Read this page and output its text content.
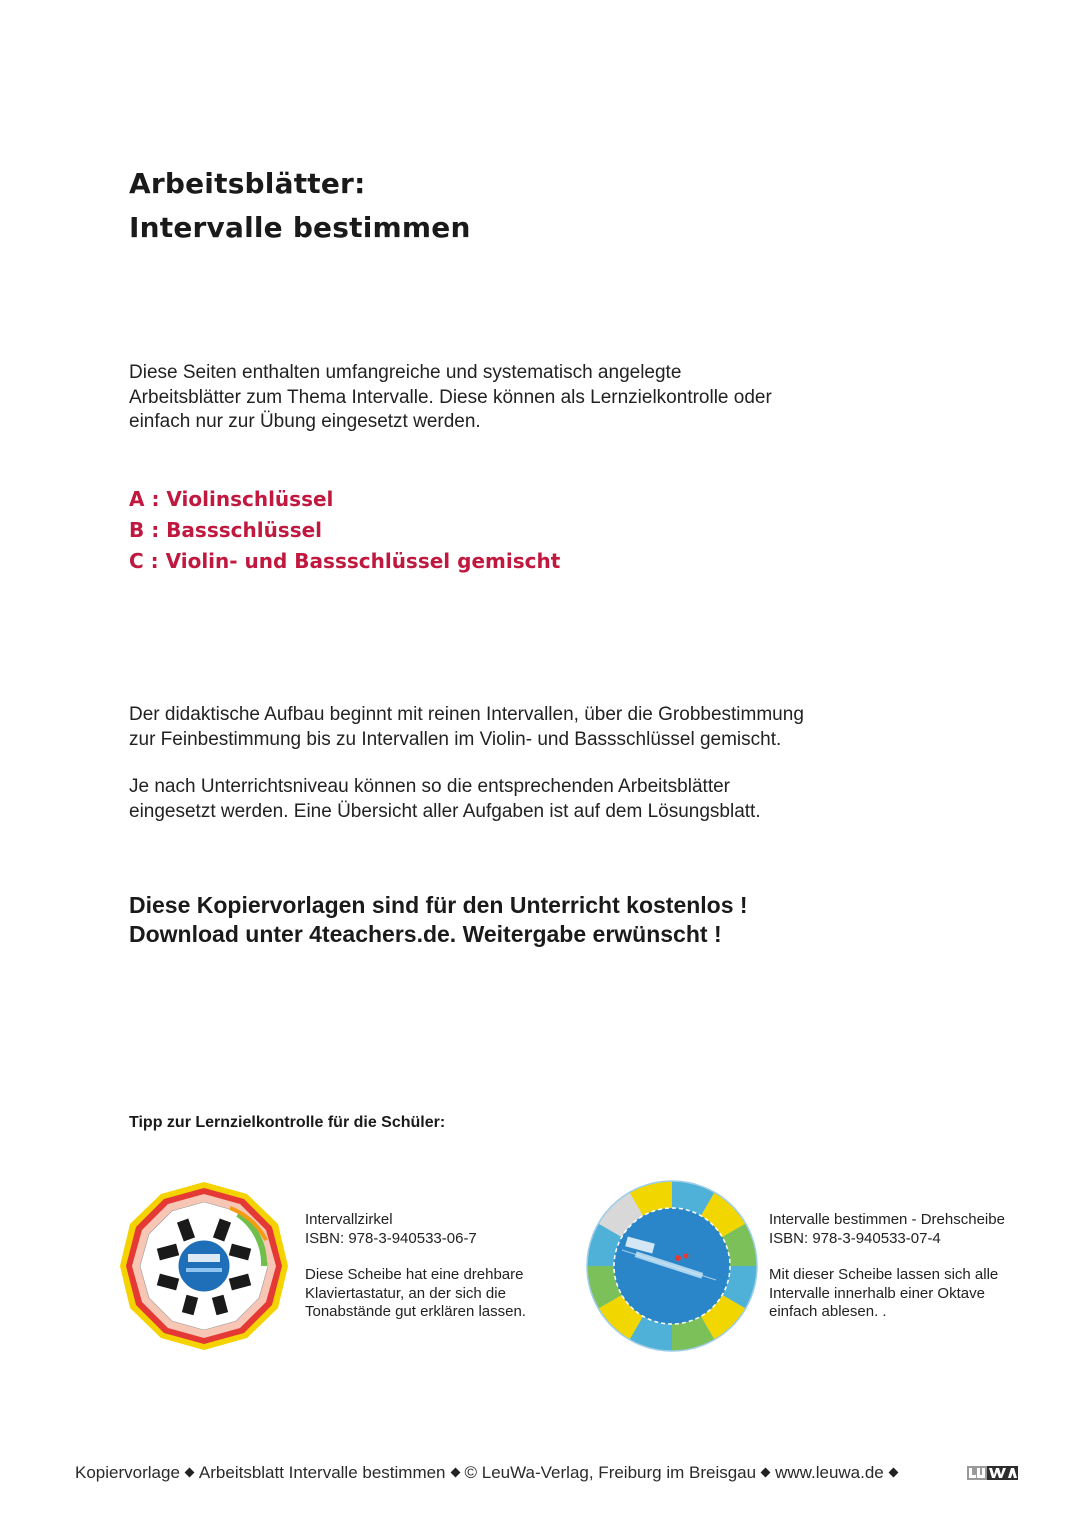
Arbeitsblätter:
Intervalle bestimmen
Diese Seiten enthalten umfangreiche und systematisch angelegte
Arbeitsblätter zum Thema Intervalle. Diese können als Lernzielkontrolle oder
einfach nur zur Übung eingesetzt werden.
A : Violinschlüssel
B : Bassschlüssel
C : Violin- und Bassschlüssel gemischt
Der didaktische Aufbau beginnt mit reinen Intervallen, über die Grobbestimmung
zur Feinbestimmung bis zu Intervallen im Violin- und Bassschlüssel gemischt.
Je nach Unterrichtsniveau können so die entsprechenden Arbeitsblätter
eingesetzt werden. Eine Übersicht aller Aufgaben ist auf dem Lösungsblatt.
Diese Kopiervorlagen sind für den Unterricht kostenlos !
Download unter 4teachers.de. Weitergabe erwünscht !
Tipp zur Lernzielkontrolle für die Schüler:
Intervallzirkel
ISBN: 978-3-940533-06-7
Diese Scheibe hat eine drehbare
Klaviertastatur, an der sich die
Tonabstände gut erklären lassen.
Intervalle bestimmen - Drehscheibe
ISBN: 978-3-940533-07-4
Mit dieser Scheibe lassen sich alle
Intervalle innerhalb einer Oktave
einfach ablesen. .
Kopiervorlage Arbeitsblatt Intervalle bestimmen © LeuWa-Verlag, Freiburg im Breisgau www.leuwa.de
